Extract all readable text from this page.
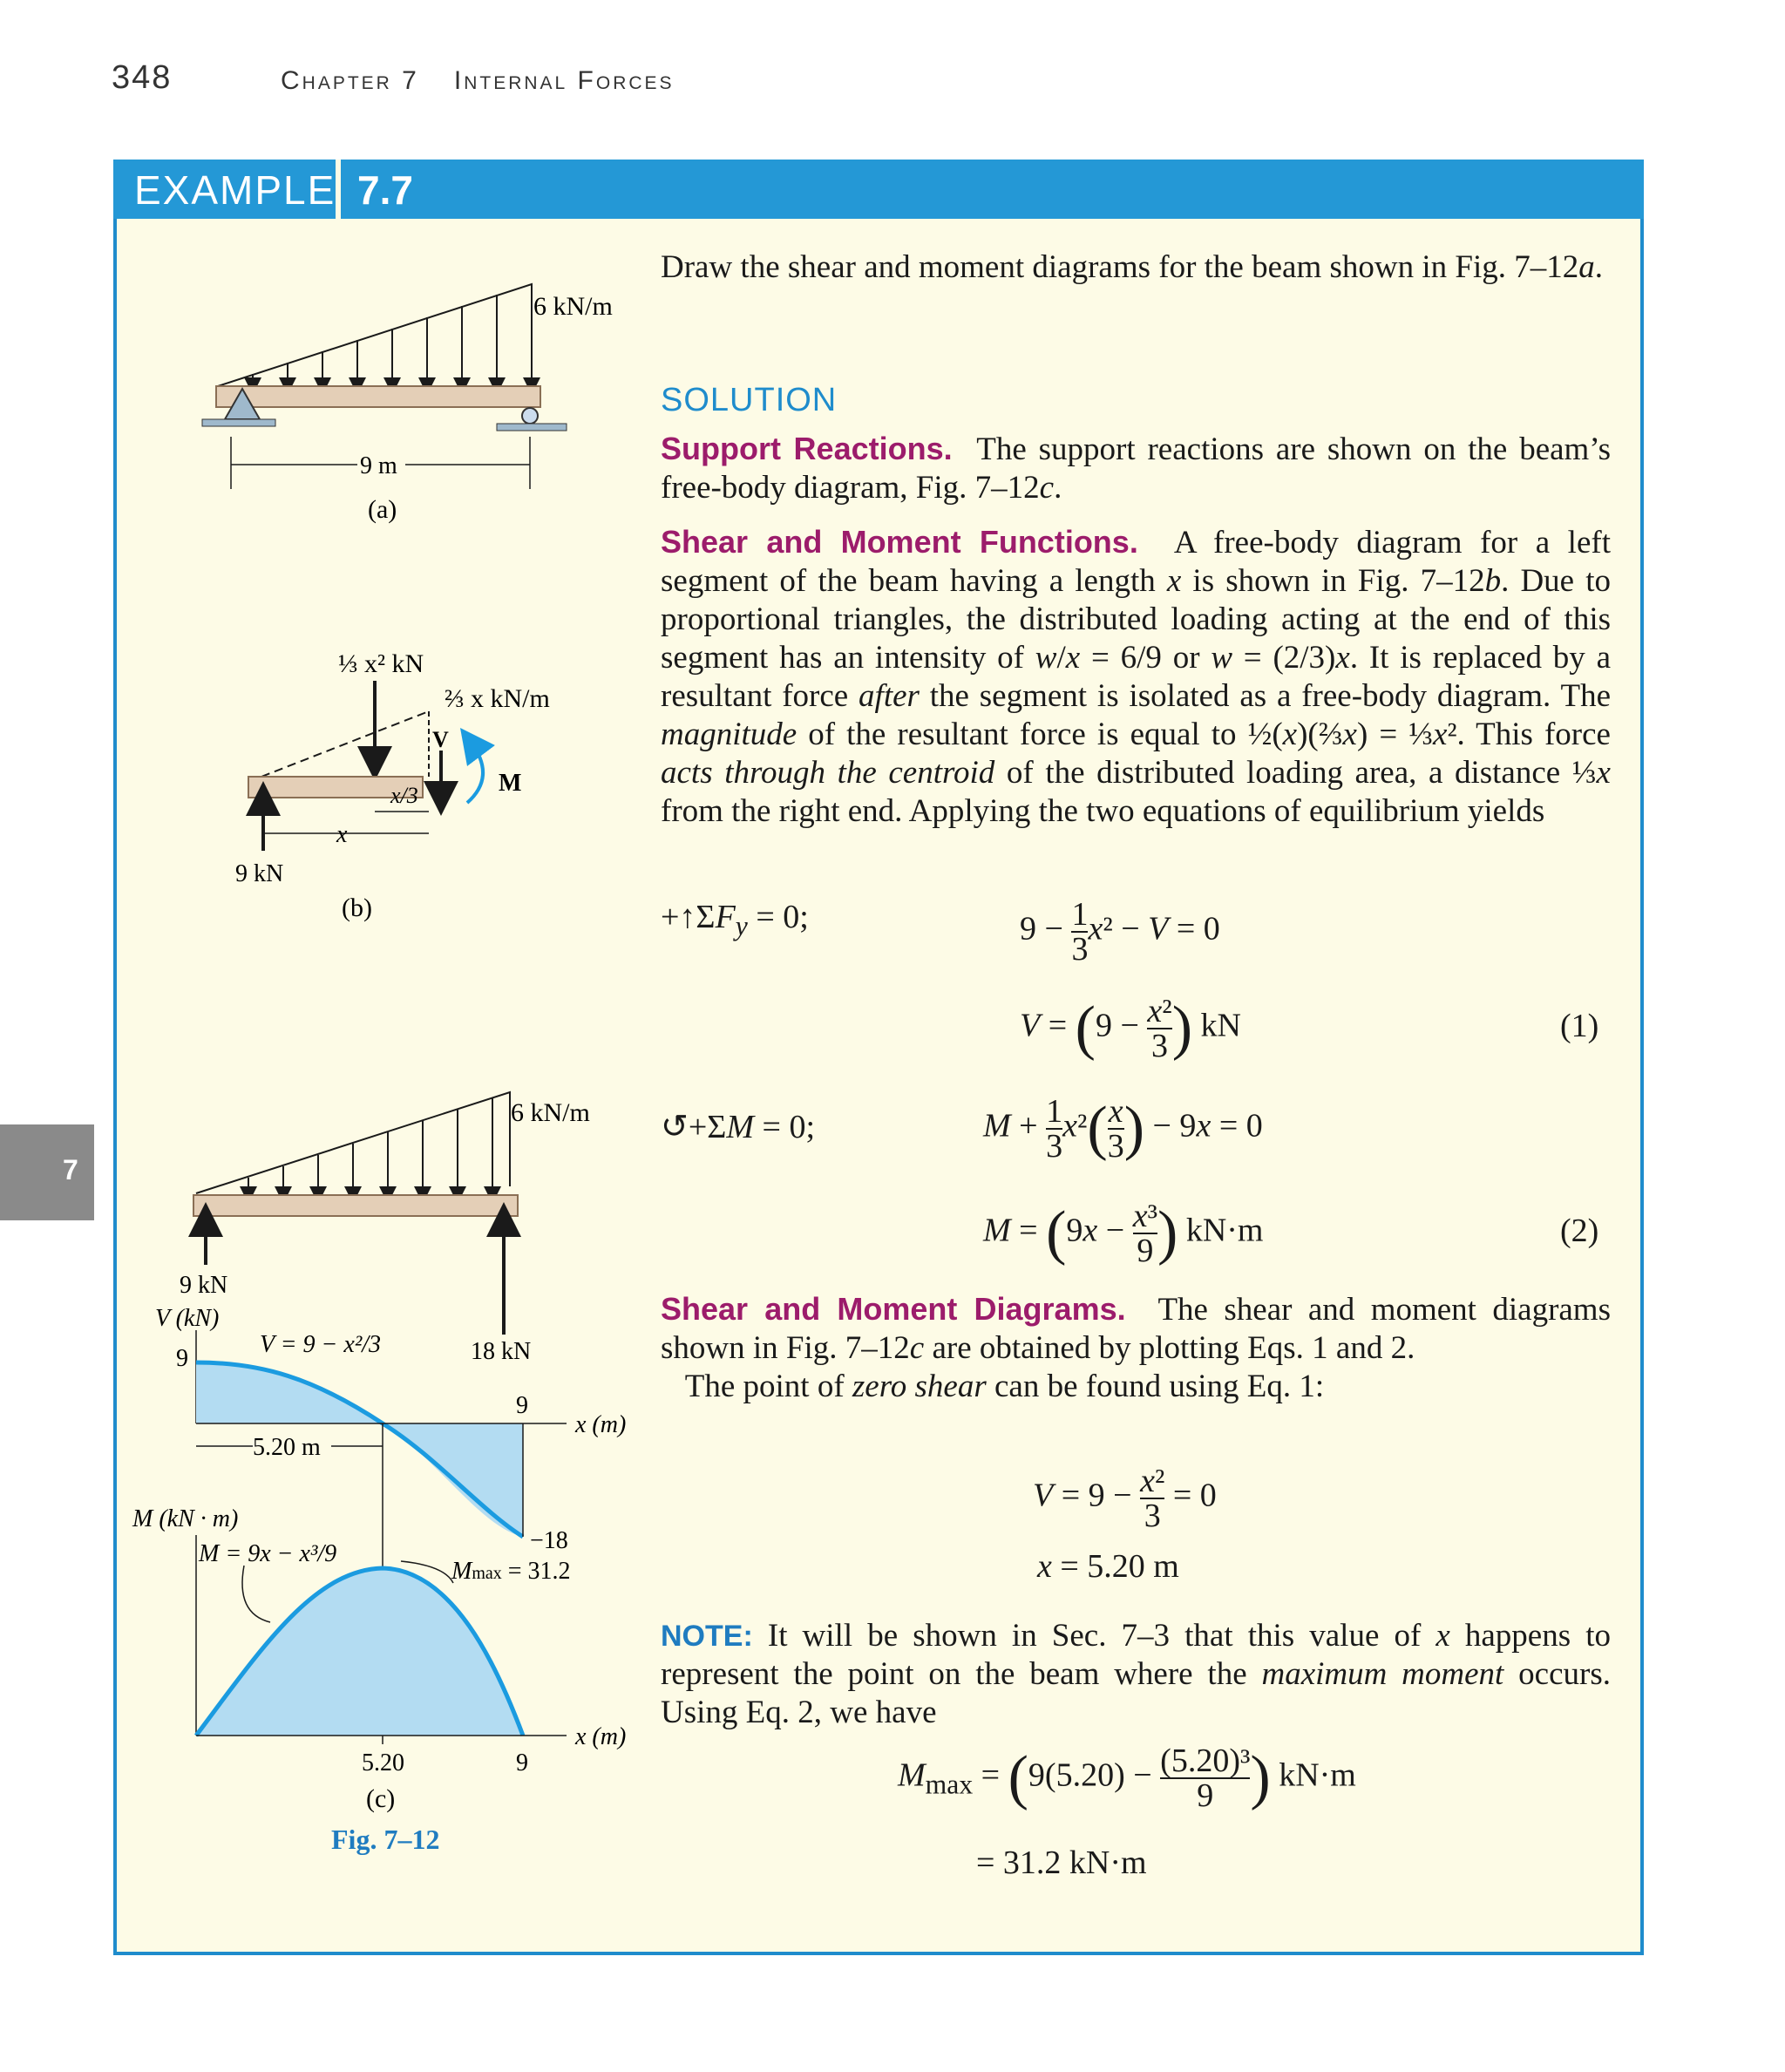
348	Chapter 7 Internal Forces
EXAMPLE 7.7
7
Draw the shear and moment diagrams for the beam shown in Fig. 7–12a.
SOLUTION
Support Reactions.  The support reactions are shown on the beam’s free-body diagram, Fig. 7–12c.
Shear and Moment Functions.  A free-body diagram for a left segment of the beam having a length x is shown in Fig. 7–12b. Due to proportional triangles, the distributed loading acting at the end of this segment has an intensity of w/x = 6/9 or w = (2/3)x. It is replaced by a resultant force after the segment is isolated as a free-body diagram. The magnitude of the resultant force is equal to ½(x)(⅔x) = ⅓x². This force acts through the centroid of the distributed loading area, a distance ⅓x from the right end. Applying the two equations of equilibrium yields
$+↑\Sigma F_y = 0$;	$9 - \frac{1}{3} x^2 - V = 0$
$V = (9 - \frac{\text{x²}}{3}$ ) kN	(1)
↺+ΣM = 0;	$M + \frac{1}{3} x^2( \frac{x}{3}$ ) − 9x = 0
$M = (9x - \frac{\text{x³}}{9}$ ) kN·m	(2)
Shear and Moment Diagrams.  The shear and moment diagrams shown in Fig. 7–12c are obtained by plotting Eqs. 1 and 2.
The point of zero shear can be found using Eq. 1:
$V = 9 - \frac{\text{x²}}{3} = 0$
x = 5.20 m
NOTE: It will be shown in Sec. 7–3 that this value of x happens to represent the point on the beam where the maximum moment occurs. Using Eq. 2, we have
$M_{max} = (9(5.20) - \frac{\text{(5.20)³}}{9}$ ) kN·m
= 31.2 kN·m
6 kN/m
9 m
(a)
⅓ x² kN
⅔ x kN/m
V
M
9 kN
x
x/3
(b)
6 kN/m
9 kN
18 kN
V (kN)
V = 9 − x²/3
9
9
x (m)
−18
5.20 m
M (kN · m)
M = 9x − x³/9
Mmax = 31.2
x (m)
5.20	9
(c)
Fig. 7–12
